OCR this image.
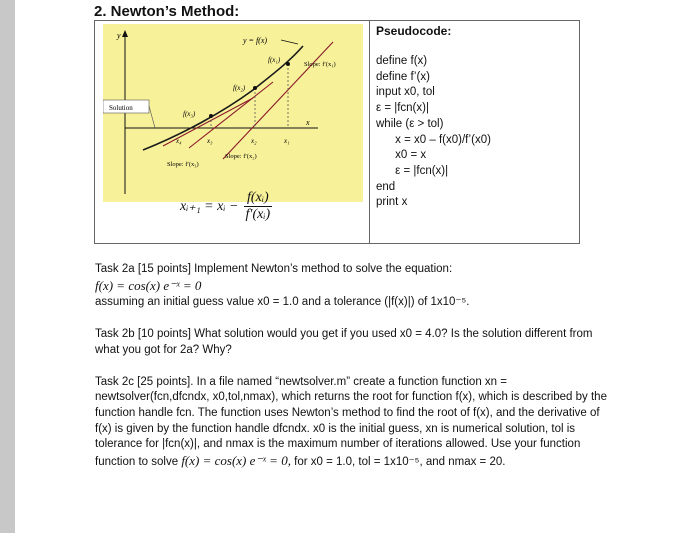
2. Newton’s Method:
y
x
y = f(x)
f(x₁)
f(x₂)
f(x₃)
Slope: f′(x₁)
Slope: f′(x₂)
Slope: f′(x₃)
Solution
x₄	x₃	x₂	x₁
xᵢ₊₁ = xᵢ − $\frac{\text{f(xᵢ)}}{\text{f′(xᵢ)}}$
Pseudocode:
define f(x)
define f’(x)
input x0, tol
ε = |fcn(x)|
while (ε > tol)
x = x0 – f(x0)/f’(x0)
x0 = x
ε = |fcn(x)|
end
print x

Task 2a [15 points] Implement Newton’s method to solve the equation:
f(x) = cos(x) e⁻ˣ = 0
assuming an initial guess value x0 = 1.0 and a tolerance (|f(x)|) of 1x10⁻⁵.

Task 2b [10 points] What solution would you get if you used x0 = 4.0? Is the solution different from what you got for 2a? Why?

Task 2c [25 points]. In a file named “newtsolver.m” create a function function xn = newtsolver(fcn,dfcndx, x0,tol,nmax), which returns the root for function f(x), which is described by the function handle fcn. The function uses Newton’s method to find the root of f(x), and the derivative of f(x) is given by the function handle dfcndx. x0 is the initial guess, xn is numerical solution, tol is tolerance for |fcn(x)|, and nmax is the maximum number of iterations allowed. Use your function function to solve f(x) = cos(x) e⁻ˣ = 0, for x0 = 1.0, tol = 1x10⁻⁵, and nmax = 20.
